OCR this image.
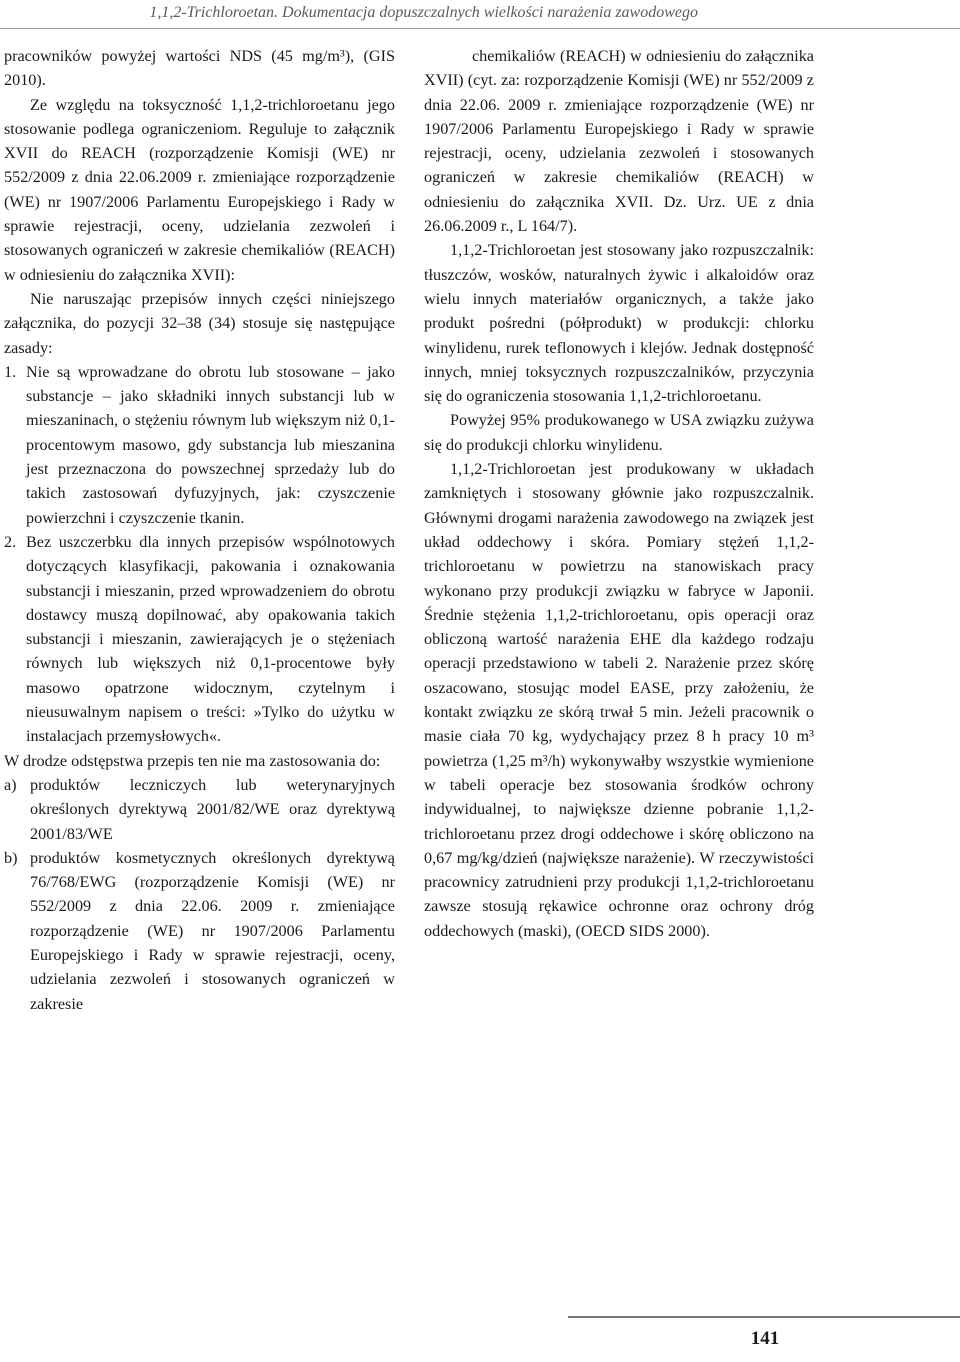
1,1,2-Trichloroetan. Dokumentacja dopuszczalnych wielkości narażenia zawodowego

pracowników powyżej wartości NDS (45 mg/m³), (GIS 2010).

Ze względu na toksyczność 1,1,2-trichloroetanu jego stosowanie podlega ograniczeniom. Reguluje to załącznik XVII do REACH (rozporządzenie Komisji (WE) nr 552/2009 z dnia 22.06.2009 r. zmieniające rozporządzenie (WE) nr 1907/2006 Parlamentu Europejskiego i Rady w sprawie rejestracji, oceny, udzielania zezwoleń i stosowanych ograniczeń w zakresie chemikaliów (REACH) w odniesieniu do załącznika XVII):

Nie naruszając przepisów innych części niniejszego załącznika, do pozycji 32–38 (34) stosuje się następujące zasady:

1. Nie są wprowadzane do obrotu lub stosowane – jako substancje – jako składniki innych substancji lub w mieszaninach, o stężeniu równym lub większym niż 0,1-procentowym masowo, gdy substancja lub mieszanina jest przeznaczona do powszechnej sprzedaży lub do takich zastosowań dyfuzyjnych, jak: czyszczenie powierzchni i czyszczenie tkanin.
2. Bez uszczerbku dla innych przepisów wspólnotowych dotyczących klasyfikacji, pakowania i oznakowania substancji i mieszanin, przed wprowadzeniem do obrotu dostawcy muszą dopilnować, aby opakowania takich substancji i mieszanin, zawierających je o stężeniach równych lub większych niż 0,1-procentowe były masowo opatrzone widocznym, czytelnym i nieusuwalnym napisem o treści: »Tylko do użytku w instalacjach przemysłowych«.

W drodze odstępstwa przepis ten nie ma zastosowania do:

a) produktów leczniczych lub weterynaryjnych określonych dyrektywą 2001/82/WE oraz dyrektywą 2001/83/WE
b) produktów kosmetycznych określonych dyrektywą 76/768/EWG (rozporządzenie Komisji (WE) nr 552/2009 z dnia 22.06. 2009 r. zmieniające rozporządzenie (WE) nr 1907/2006 Parlamentu Europejskiego i Rady w sprawie rejestracji, oceny, udzielania zezwoleń i stosowanych ograniczeń w zakresie

chemikaliów (REACH) w odniesieniu do załącznika XVII) (cyt. za: rozporządzenie Komisji (WE) nr 552/2009 z dnia 22.06. 2009 r. zmieniające rozporządzenie (WE) nr 1907/2006 Parlamentu Europejskiego i Rady w sprawie rejestracji, oceny, udzielania zezwoleń i stosowanych ograniczeń w zakresie chemikaliów (REACH) w odniesieniu do załącznika XVII. Dz. Urz. UE z dnia 26.06.2009 r., L 164/7).

1,1,2-Trichloroetan jest stosowany jako rozpuszczalnik: tłuszczów, wosków, naturalnych żywic i alkaloidów oraz wielu innych materiałów organicznych, a także jako produkt pośredni (półprodukt) w produkcji: chlorku winylidenu, rurek teflonowych i klejów. Jednak dostępność innych, mniej toksycznych rozpuszczalników, przyczynia się do ograniczenia stosowania 1,1,2-trichloroetanu.

Powyżej 95% produkowanego w USA związku zużywa się do produkcji chlorku winylidenu.

1,1,2-Trichloroetan jest produkowany w układach zamkniętych i stosowany głównie jako rozpuszczalnik. Głównymi drogami narażenia zawodowego na związek jest układ oddechowy i skóra. Pomiary stężeń 1,1,2-trichloroetanu w powietrzu na stanowiskach pracy wykonano przy produkcji związku w fabryce w Japonii. Średnie stężenia 1,1,2-trichloroetanu, opis operacji oraz obliczoną wartość narażenia EHE dla każdego rodzaju operacji przedstawiono w tabeli 2. Narażenie przez skórę oszacowano, stosując model EASE, przy założeniu, że kontakt związku ze skórą trwał 5 min. Jeżeli pracownik o masie ciała 70 kg, wydychający przez 8 h pracy 10 m³ powietrza (1,25 m³/h) wykonywałby wszystkie wymienione w tabeli operacje bez stosowania środków ochrony indywidualnej, to największe dzienne pobranie 1,1,2-trichloroetanu przez drogi oddechowe i skórę obliczono na 0,67 mg/kg/dzień (największe narażenie). W rzeczywistości pracownicy zatrudnieni przy produkcji 1,1,2-trichloroetanu zawsze stosują rękawice ochronne oraz ochrony dróg oddechowych (maski), (OECD SIDS 2000).

141
